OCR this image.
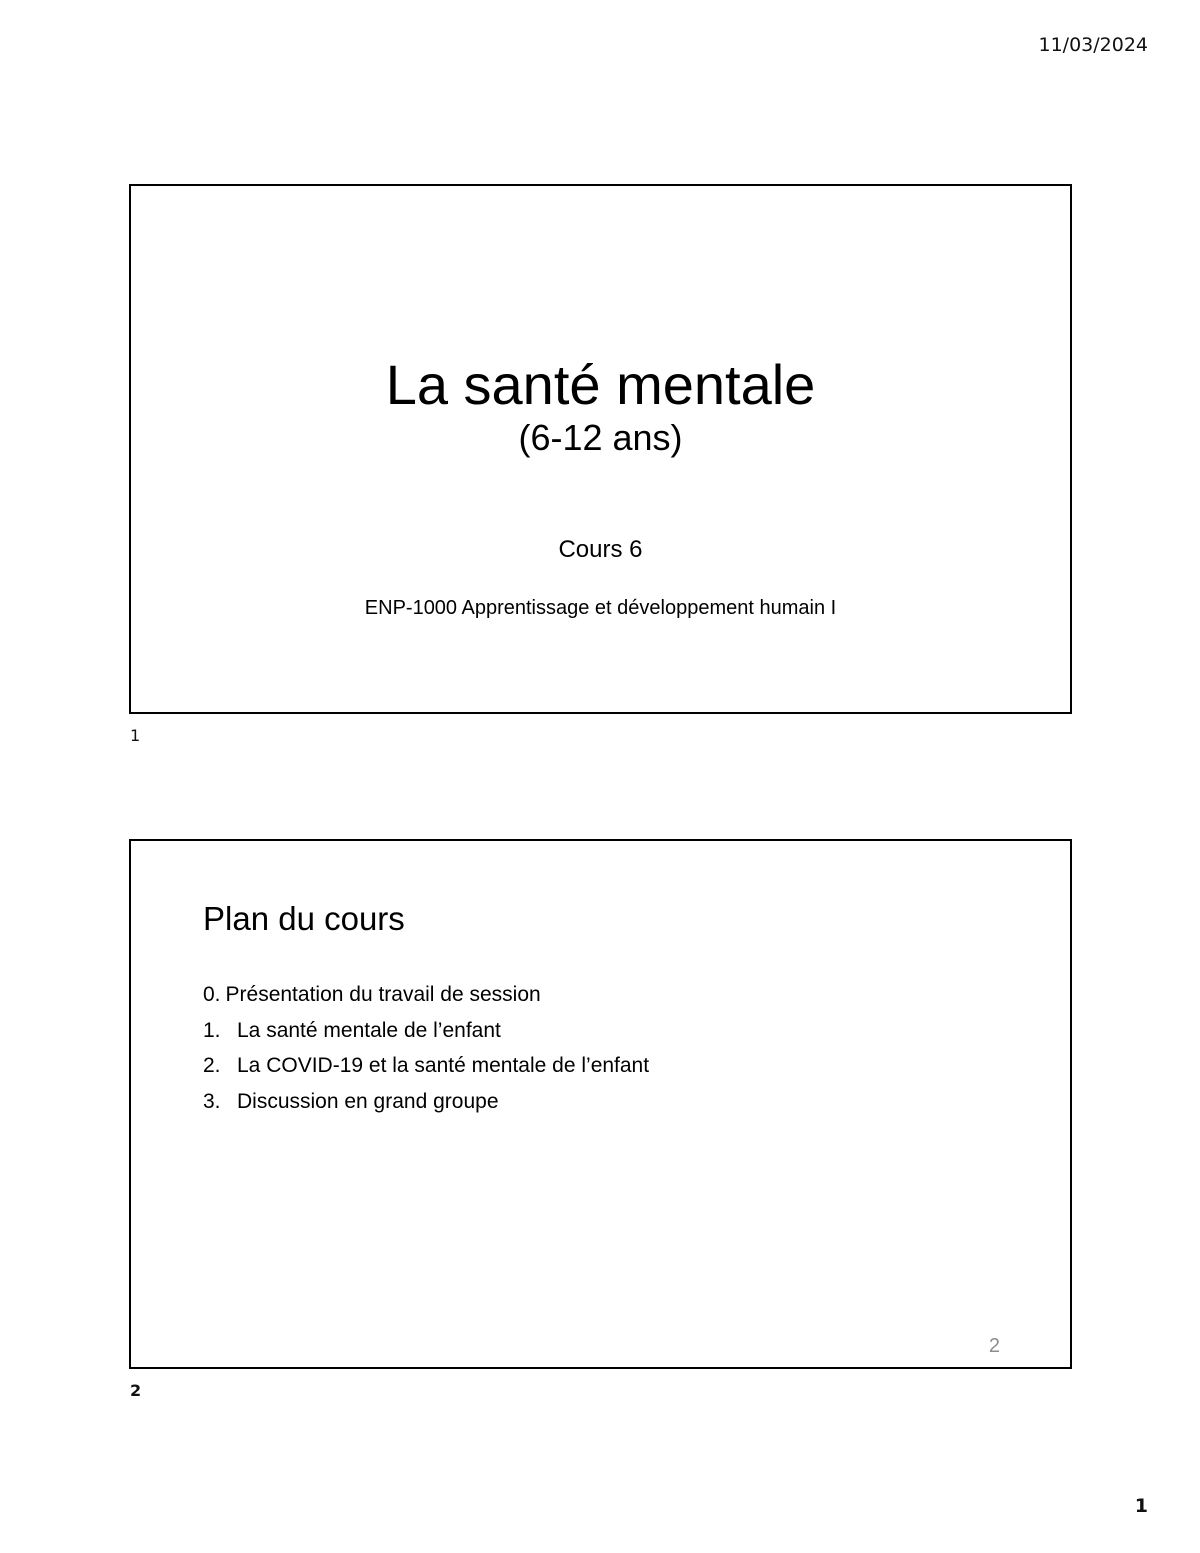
11/03/2024
La santé mentale
(6-12 ans)
Cours 6
ENP-1000 Apprentissage et développement humain I
1
Plan du cours
0. Présentation du travail de session
1. La santé mentale de l’enfant
2. La COVID-19 et la santé mentale de l’enfant
3. Discussion en grand groupe
2
2
1
